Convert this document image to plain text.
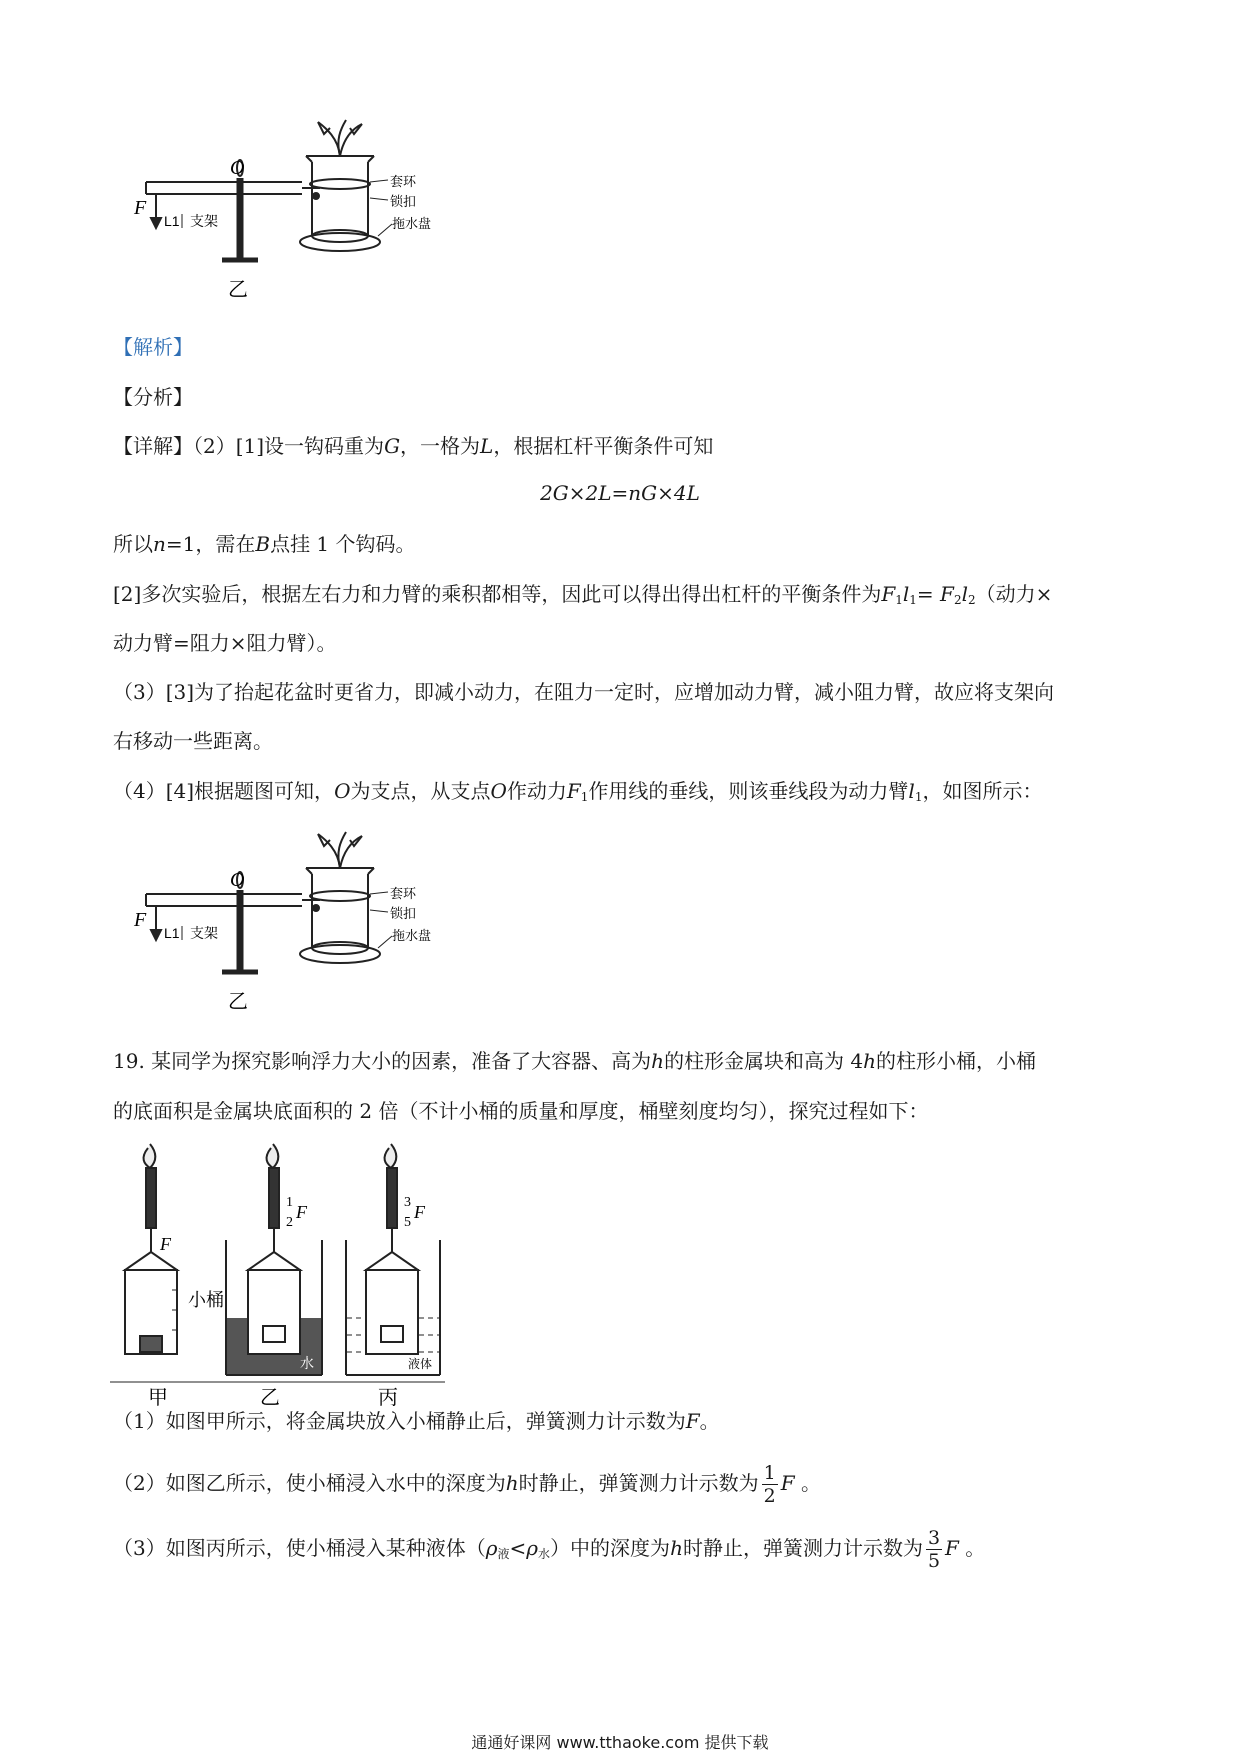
O
F
L1 支架
套环
锁扣
拖水盘
乙
【解析】
【分析】
【详解】（2）[1]设一钩码重为G，一格为L，根据杠杆平衡条件可知
2G×2L=nG×4L
所以n=1，需在B点挂 1 个钩码。
[2]多次实验后，根据左右力和力臂的乘积都相等，因此可以得出得出杠杆的平衡条件为$F_1l_1= F_2l_2$（动力×
动力臂=阻力×阻力臂）。
（3）[3]为了抬起花盆时更省力，即减小动力，在阻力一定时，应增加动力臂，减小阻力臂，故应将支架向
右移动一些距离。
（4）[4]根据题图可知，O为支点，从支点O作动力$F_1$作用线的垂线，则该垂线段为动力臂$l_1$，如图所示：
O
F
L1 支架
套环
锁扣
拖水盘
乙
19. 某同学为探究影响浮力大小的因素，准备了大容器、高为h的柱形金属块和高为 4h的柱形小桶，小桶
的底面积是金属块底面积的 2 倍（不计小桶的质量和厚度，桶壁刻度均匀），探究过程如下：
F
小桶
1
2
F	3
5
F
水	液体
甲	乙	丙
（1）如图甲所示，将金属块放入小桶静止后，弹簧测力计示数为F。
（2）如图乙所示，使小桶浸入水中的深度为h时静止，弹簧测力计示数为 $\frac{1}{2}$ F 。
（3）如图丙所示，使小桶浸入某种液体$(\rho_液<\rho_水)$中的深度为h时静止，弹簧测力计示数为 $\frac{3}{5}$ F 。
通通好课网 www.tthaoke.com 提供下载
